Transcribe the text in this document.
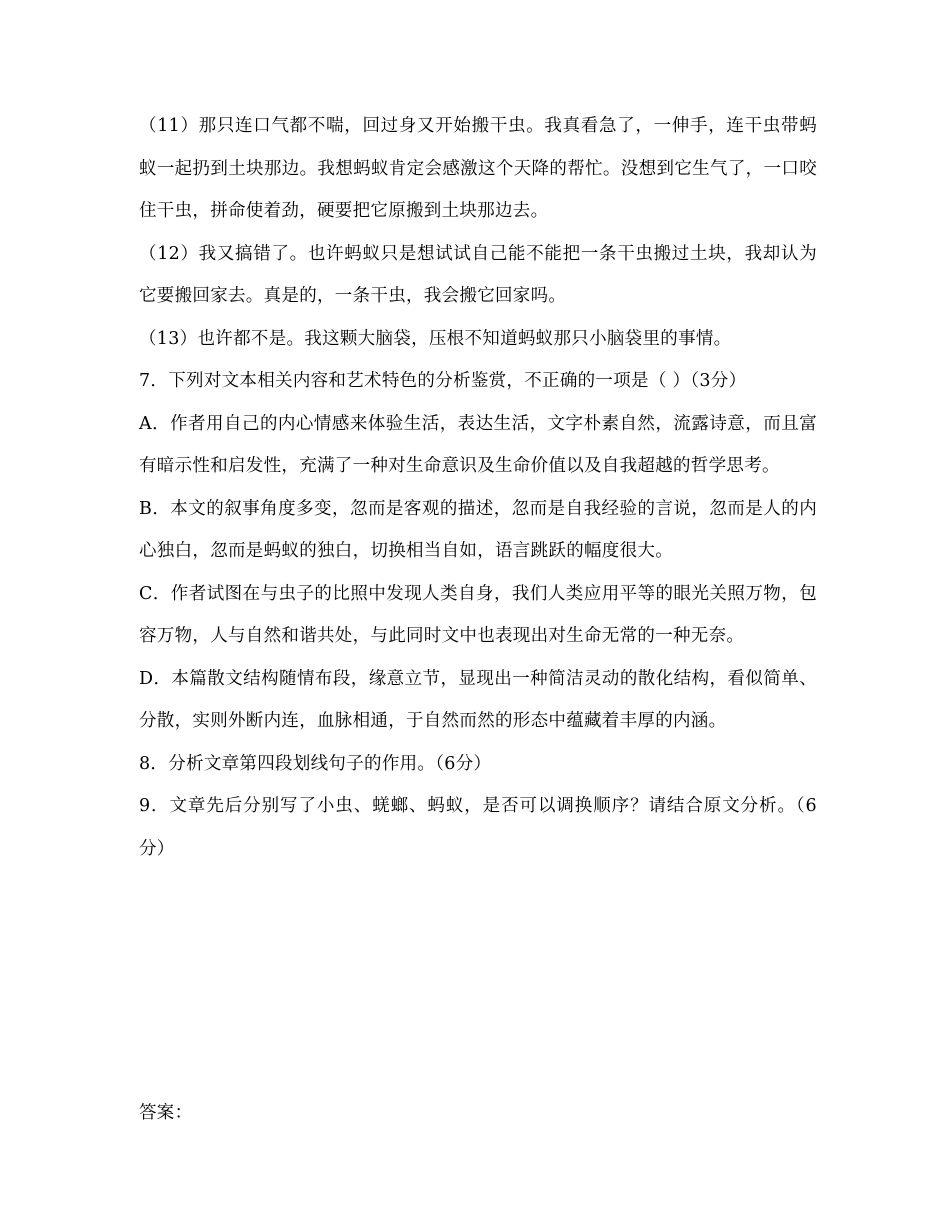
（11）那只连口气都不喘，回过身又开始搬干虫。我真看急了，一伸手，连干虫带蚂蚁一起扔到土块那边。我想蚂蚁肯定会感激这个天降的帮忙。没想到它生气了，一口咬住干虫，拼命使着劲，硬要把它原搬到土块那边去。

（12）我又搞错了。也许蚂蚁只是想试试自己能不能把一条干虫搬过土块，我却认为它要搬回家去。真是的，一条干虫，我会搬它回家吗。

（13）也许都不是。我这颗大脑袋，压根不知道蚂蚁那只小脑袋里的事情。

7．下列对文本相关内容和艺术特色的分析鉴赏，不正确的一项是（ ）（3分）

A．作者用自己的内心情感来体验生活，表达生活，文字朴素自然，流露诗意，而且富有暗示性和启发性，充满了一种对生命意识及生命价值以及自我超越的哲学思考。

B．本文的叙事角度多变，忽而是客观的描述，忽而是自我经验的言说，忽而是人的内心独白，忽而是蚂蚁的独白，切换相当自如，语言跳跃的幅度很大。

C．作者试图在与虫子的比照中发现人类自身，我们人类应用平等的眼光关照万物，包容万物，人与自然和谐共处，与此同时文中也表现出对生命无常的一种无奈。

D．本篇散文结构随情布段，缘意立节，显现出一种简洁灵动的散化结构，看似简单、分散，实则外断内连，血脉相通，于自然而然的形态中蕴藏着丰厚的内涵。

8．分析文章第四段划线句子的作用。（6分）

9．文章先后分别写了小虫、蜣螂、蚂蚁，是否可以调换顺序？请结合原文分析。（6分）

答案：
